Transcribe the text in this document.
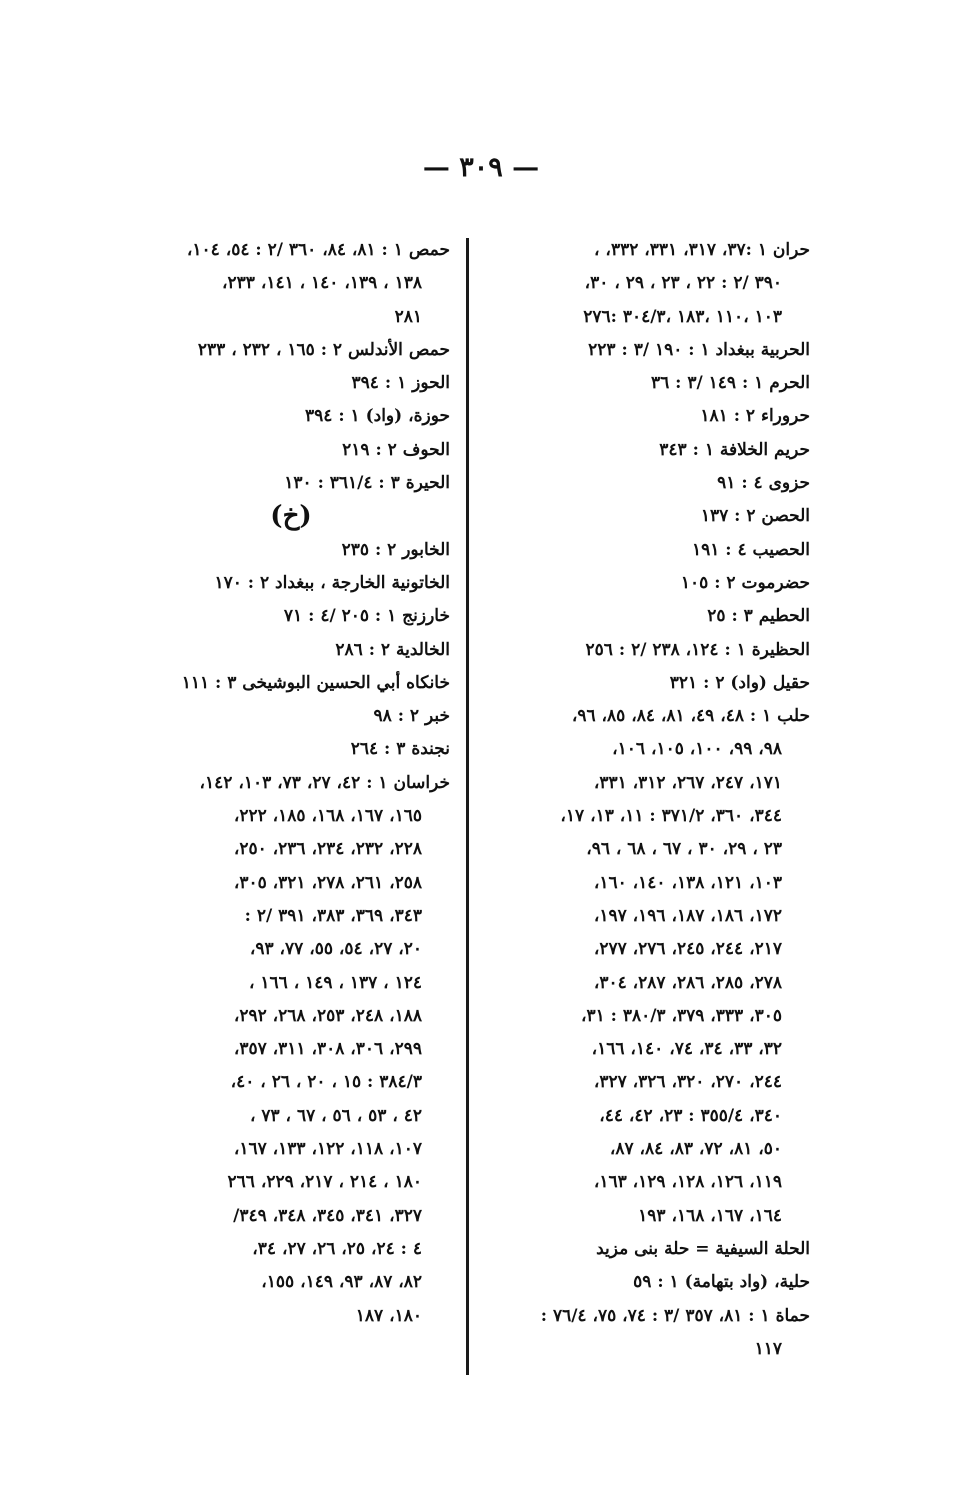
— ٣٠٩ —
حران ١ :٣٧، ٣١٧، ٣٣١، ٣٣٢، ،
٣٩٠ /٢ : ٢٢ ، ٢٣ ، ٢٩ ، ٣٠،
١٠٣ ،١١٠ ،١٨٣ ،٣٠٤/٣ :٢٧٦
الحربية ببغداد ١ : ١٩٠ /٣ : ٢٢٣
الحرم ١ : ١٤٩ /٣ : ٣٦
حروراء ٢ : ١٨١
حريم الخلافة ١ : ٣٤٣
حزوى ٤ : ٩١
الحصن ٢ : ١٣٧
الحصيب ٤ : ١٩١
حضرموت ٢ : ١٠٥
الحطيم ٣ : ٢٥
الحظيرة ١ : ١٢٤، ٢٣٨ /٢ : ٢٥٦
حقيل (واد) ٢ : ٣٢١
حلب ١ : ٤٨، ٤٩، ٨١، ٨٤، ٨٥، ٩٦،
٩٨، ٩٩، ١٠٠، ١٠٥، ١٠٦،
١٧١، ٢٤٧، ٢٦٧، ٣١٢، ٣٣١،
٣٤٤، ٣٦٠، ٣٧١/٢ : ١١، ١٣، ١٧،
٢٣ ، ٢٩، ٣٠ ، ٦٧ ، ٦٨ ، ٩٦،
١٠٣، ١٢١، ١٣٨، ١٤٠، ١٦٠،
١٧٢، ١٨٦، ١٨٧، ١٩٦، ١٩٧،
٢١٧، ٢٤٤، ٢٤٥، ٢٧٦، ٢٧٧،
٢٧٨، ٢٨٥، ٢٨٦، ٢٨٧، ٣٠٤،
٣٠٥، ٣٣٣، ٣٧٩، ٣٨٠/٣ : ٣١،
٣٢، ٣٣، ٣٤، ٧٤، ١٤٠، ١٦٦،
٢٤٤، ٢٧٠، ٣٢٠، ٣٢٦، ٣٢٧،
٣٤٠، ٣٥٥/٤ : ٢٣، ٤٢، ٤٤،
٥٠، ٨١، ٧٢، ٨٣، ٨٤، ٨٧،
١١٩، ١٢٦، ١٢٨، ١٢٩، ١٦٣،
١٦٤، ١٦٧، ١٦٨، ١٩٣
الحلة السيفية = حلة بنى مزيد
حلية، (واد بتهامة) ١ : ٥٩
حماة ١ : ٨١، ٣٥٧ /٣ : ٧٤، ٧٥، ٧٦/٤ :
١١٧
حمص ١ : ٨١، ٨٤، ٣٦٠ /٢ : ٥٤، ١٠٤،
١٣٨ ، ١٣٩، ١٤٠ ، ١٤١، ٢٣٣،
٢٨١
حمص الأندلس ٢ : ١٦٥ ، ٢٣٢ ، ٢٣٣
الحوز ١ : ٣٩٤
حوزة، (واد) ١ : ٣٩٤
الحوف ٢ : ٢١٩
الحيرة ٣ : ٣٦١/٤ : ١٣٠
(خ)
الخابور ٢ : ٢٣٥
الخاتونية الخارجة ، ببغداد ٢ : ١٧٠
خارزنج ١ : ٢٠٥ /٤ : ٧١
الخالدية ٢ : ٢٨٦
خانكاه أبي الحسين البوشيخى ٣ : ١١١
خبر ٢ : ٩٨
نجندة ٣ : ٢٦٤
خراسان ١ : ٤٢، ٢٧، ٧٣، ١٠٣، ١٤٢،
١٦٥، ١٦٧، ١٦٨، ١٨٥، ٢٢٢،
٢٢٨، ٢٣٢، ٢٣٤، ٢٣٦، ٢٥٠،
٢٥٨، ٢٦١، ٢٧٨، ٣٢١، ٣٠٥،
٣٤٣، ٣٦٩، ٣٨٣، ٣٩١ /٢ :
٢٠، ٢٧، ٥٤، ٥٥، ٧٧، ٩٣،
١٢٤ ، ١٣٧ ، ١٤٩ ، ١٦٦ ،
١٨٨، ٢٤٨، ٢٥٣، ٢٦٨، ٢٩٢،
٢٩٩، ٣٠٦، ٣٠٨، ٣١١، ٣٥٧،
٣٨٤/٣ : ١٥ ، ٢٠ ، ٢٦ ، ٤٠،
٤٢ ، ٥٣ ، ٥٦ ، ٦٧ ، ٧٣ ،
١٠٧، ١١٨، ١٢٢، ١٣٣، ١٦٧،
١٨٠ ، ٢١٤ ، ٢١٧، ٢٢٩، ٢٦٦
٣٢٧، ٣٤١، ٣٤٥، ٣٤٨، ٣٤٩/
٤ : ٢٤، ٢٥، ٢٦، ٢٧، ٣٤،
٨٢، ٨٧، ٩٣، ١٤٩، ١٥٥،
١٨٠، ١٨٧
